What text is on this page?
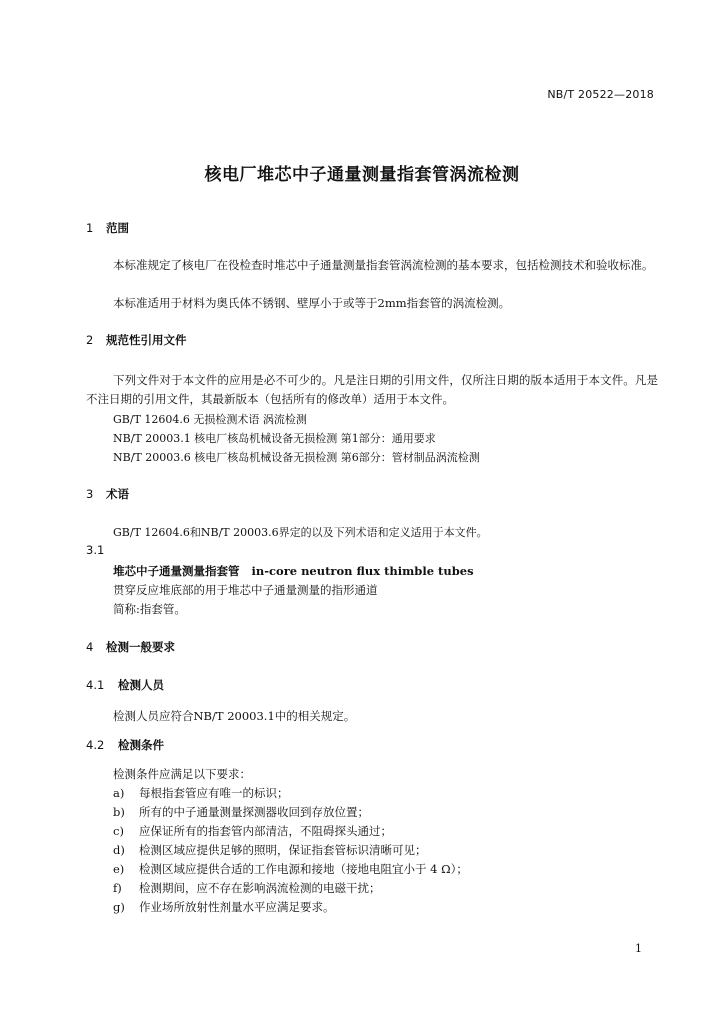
NB/T 20522—2018
核电厂堆芯中子通量测量指套管涡流检测
1 范围
本标准规定了核电厂在役检查时堆芯中子通量测量指套管涡流检测的基本要求，包括检测技术和验收标准。
本标准适用于材料为奥氏体不锈钢、壁厚小于或等于2mm指套管的涡流检测。
2 规范性引用文件
下列文件对于本文件的应用是必不可少的。凡是注日期的引用文件，仅所注日期的版本适用于本文件。凡是不注日期的引用文件，其最新版本（包括所有的修改单）适用于本文件。
GB/T 12604.6 无损检测术语 涡流检测
NB/T 20003.1 核电厂核岛机械设备无损检测 第1部分：通用要求
NB/T 20003.6 核电厂核岛机械设备无损检测 第6部分：管材制品涡流检测
3 术语
GB/T 12604.6和NB/T 20003.6界定的以及下列术语和定义适用于本文件。
3.1
堆芯中子通量测量指套管 in-core neutron flux thimble tubes
贯穿反应堆底部的用于堆芯中子通量测量的指形通道
简称:指套管。
4 检测一般要求
4.1 检测人员
检测人员应符合NB/T 20003.1中的相关规定。
4.2 检测条件
检测条件应满足以下要求：
a) 每根指套管应有唯一的标识；
b) 所有的中子通量测量探测器收回到存放位置；
c) 应保证所有的指套管内部清洁，不阻碍探头通过；
d) 检测区域应提供足够的照明，保证指套管标识清晰可见；
e) 检测区域应提供合适的工作电源和接地（接地电阻宜小于 4 Ω）；
f) 检测期间，应不存在影响涡流检测的电磁干扰；
g) 作业场所放射性剂量水平应满足要求。
1
